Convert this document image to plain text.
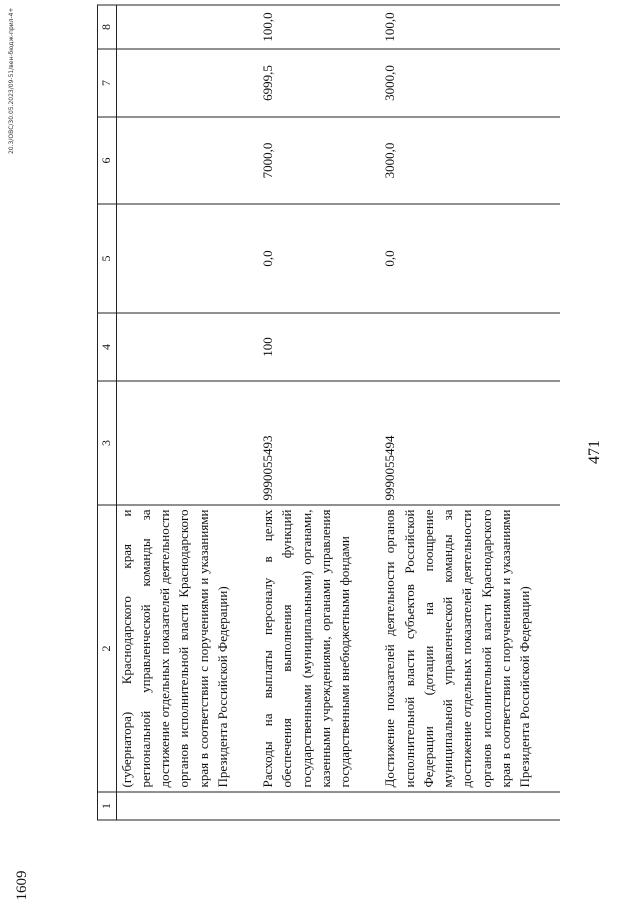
471
1609
20.3/ОВС/30.05.2023/09-51/вен-бюдж-прил-4+
1	2	3	4	5	6	7	8
	(губернатора) Краснодарского края и региональной управленческой команды за достижение отдельных показателей деятельности органов исполнительной власти Краснодарского края в соответствии с поручениями и указаниями Президента Российской Федерации)						
	Расходы на выплаты персоналу в целях обеспечения выполнения функций государственными (муниципальными) органами, казенными учреждениями, органами управления государственными внебюджетными фондами	9990055493	100	0,0	7000,0	6999,5	100,0
	Достижение показателей деятельности органов исполнительной власти субъектов Российской Федерации (дотации на поощрение муниципальной управленческой команды за достижение отдельных показателей деятельности органов исполнительной власти Краснодарского края в соответствии с поручениями и указаниями Президента Российской Федерации)	9990055494		0,0	3000,0	3000,0	100,0
